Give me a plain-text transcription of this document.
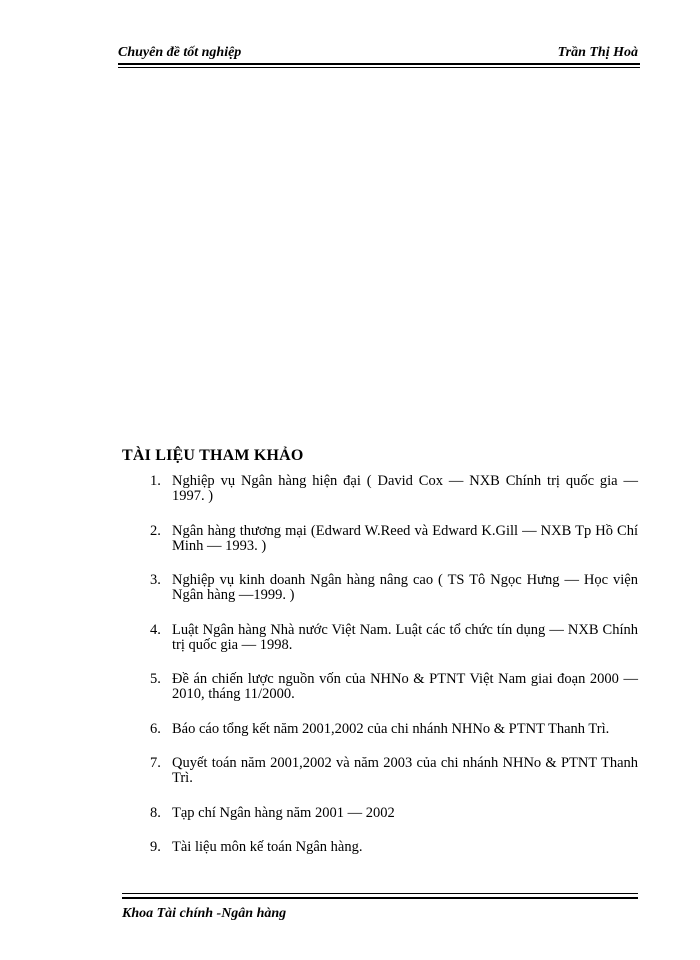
Chuyên đề tốt nghiệp	Trần Thị Hoà
TÀI LIỆU THAM KHẢO
1. Nghiệp vụ Ngân hàng hiện đại ( David Cox — NXB Chính trị quốc gia — 1997. )
2. Ngân hàng thương mại (Edward W.Reed và Edward K.Gill — NXB Tp Hồ Chí Minh — 1993. )
3. Nghiệp vụ kinh doanh Ngân hàng nâng cao ( TS Tô Ngọc Hưng — Học viện Ngân hàng —1999. )
4. Luật Ngân hàng Nhà nước Việt Nam. Luật các tổ chức tín dụng — NXB Chính trị quốc gia — 1998.
5. Đề án chiến lược nguồn vốn của NHNo & PTNT Việt Nam giai đoạn 2000 — 2010, tháng 11/2000.
6. Báo cáo tổng kết năm 2001,2002 của chi nhánh NHNo & PTNT Thanh Trì.
7. Quyết toán năm 2001,2002 và năm 2003 của chi nhánh NHNo & PTNT Thanh Trì.
8. Tạp chí Ngân hàng năm 2001 — 2002
9. Tài liệu môn kế toán Ngân hàng.
Khoa Tài chính -Ngân hàng
